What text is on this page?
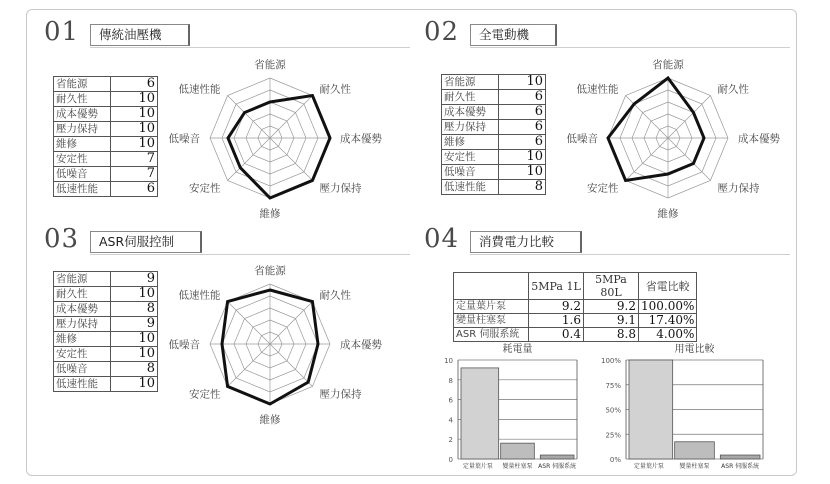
01	傳統油壓機	02	全電動機
03	ASR伺服控制	04	消費電力比較
省能源	6
耐久性	10
成本優勢	10
壓力保持	10
維修	10
安定性	7
低噪音	7
低速性能	6
省能源	10
耐久性	6
成本優勢	6
壓力保持	6
維修	6
安定性	10
低噪音	10
低速性能	8
省能源	9
耐久性	10
成本優勢	8
壓力保持	9
維修	10
安定性	10
低噪音	8
低速性能	10
省能源
耐久性
成本優勢
壓力保持
維修
安定性
低噪音
低速性能
省能源
耐久性
成本優勢
壓力保持
維修
安定性
低噪音
低速性能
省能源
耐久性
成本優勢
壓力保持
維修
安定性
低噪音
低速性能
	5MPa 1L	5MPa 80L	省電比較
定量葉片泵	9.2	9.2	100.00%
變量柱塞泵	1.6	9.1	17.40%
ASR 伺服系統	0.4	8.8	4.00%
耗電量
0
2
4
6
8
10
定量葉片泵 變量柱塞泵 ASR 伺服系統
用電比較
0%
25%
50%
75%
100%
定量葉片泵	變量柱塞泵 ASR 伺服系統
